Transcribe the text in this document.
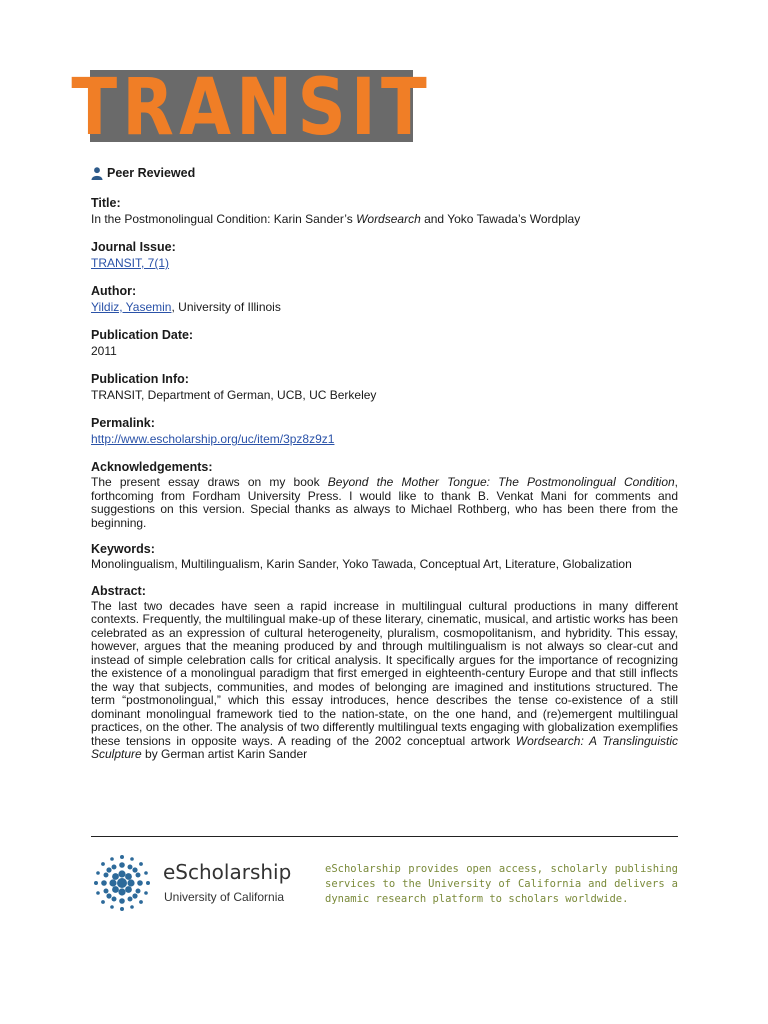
TRANSIT
Peer Reviewed
Title:
In the Postmonolingual Condition: Karin Sander’s Wordsearch and Yoko Tawada’s Wordplay
Journal Issue:
TRANSIT, 7(1)
Author:
Yildiz, Yasemin, University of Illinois
Publication Date:
2011
Publication Info:
TRANSIT, Department of German, UCB, UC Berkeley
Permalink:
http://www.escholarship.org/uc/item/3pz8z9z1
Acknowledgements:

The present essay draws on my book Beyond the Mother Tongue: The Postmonolingual Condition, forthcoming from Fordham University Press. I would like to thank B. Venkat Mani for comments and suggestions on this version. Special thanks as always to Michael Rothberg, who has been there from the beginning.

Keywords:

Monolingualism, Multilingualism, Karin Sander, Yoko Tawada, Conceptual Art, Literature, Globalization

Abstract:

The last two decades have seen a rapid increase in multilingual cultural productions in many different contexts. Frequently, the multilingual make-up of these literary, cinematic, musical, and artistic works has been celebrated as an expression of cultural heterogeneity, pluralism, cosmopolitanism, and hybridity. This essay, however, argues that the meaning produced by and through multilingualism is not always so clear-cut and instead of simple celebration calls for critical analysis. It specifically argues for the importance of recognizing the existence of a monolingual paradigm that first emerged in eighteenth-century Europe and that still inflects the way that subjects, communities, and modes of belonging are imagined and institutions structured. The term “postmonolingual,” which this essay introduces, hence describes the tense co-existence of a still dominant monolingual framework tied to the nation-state, on the one hand, and (re)emergent multilingual practices, on the other. The analysis of two differently multilingual texts engaging with globalization exemplifies these tensions in opposite ways. A reading of the 2002 conceptual artwork Wordsearch: A Translinguistic Sculpture by German artist Karin Sander

eScholarship
University of California
eScholarship provides open access, scholarly publishing services to the University of California and delivers a dynamic research platform to scholars worldwide.
